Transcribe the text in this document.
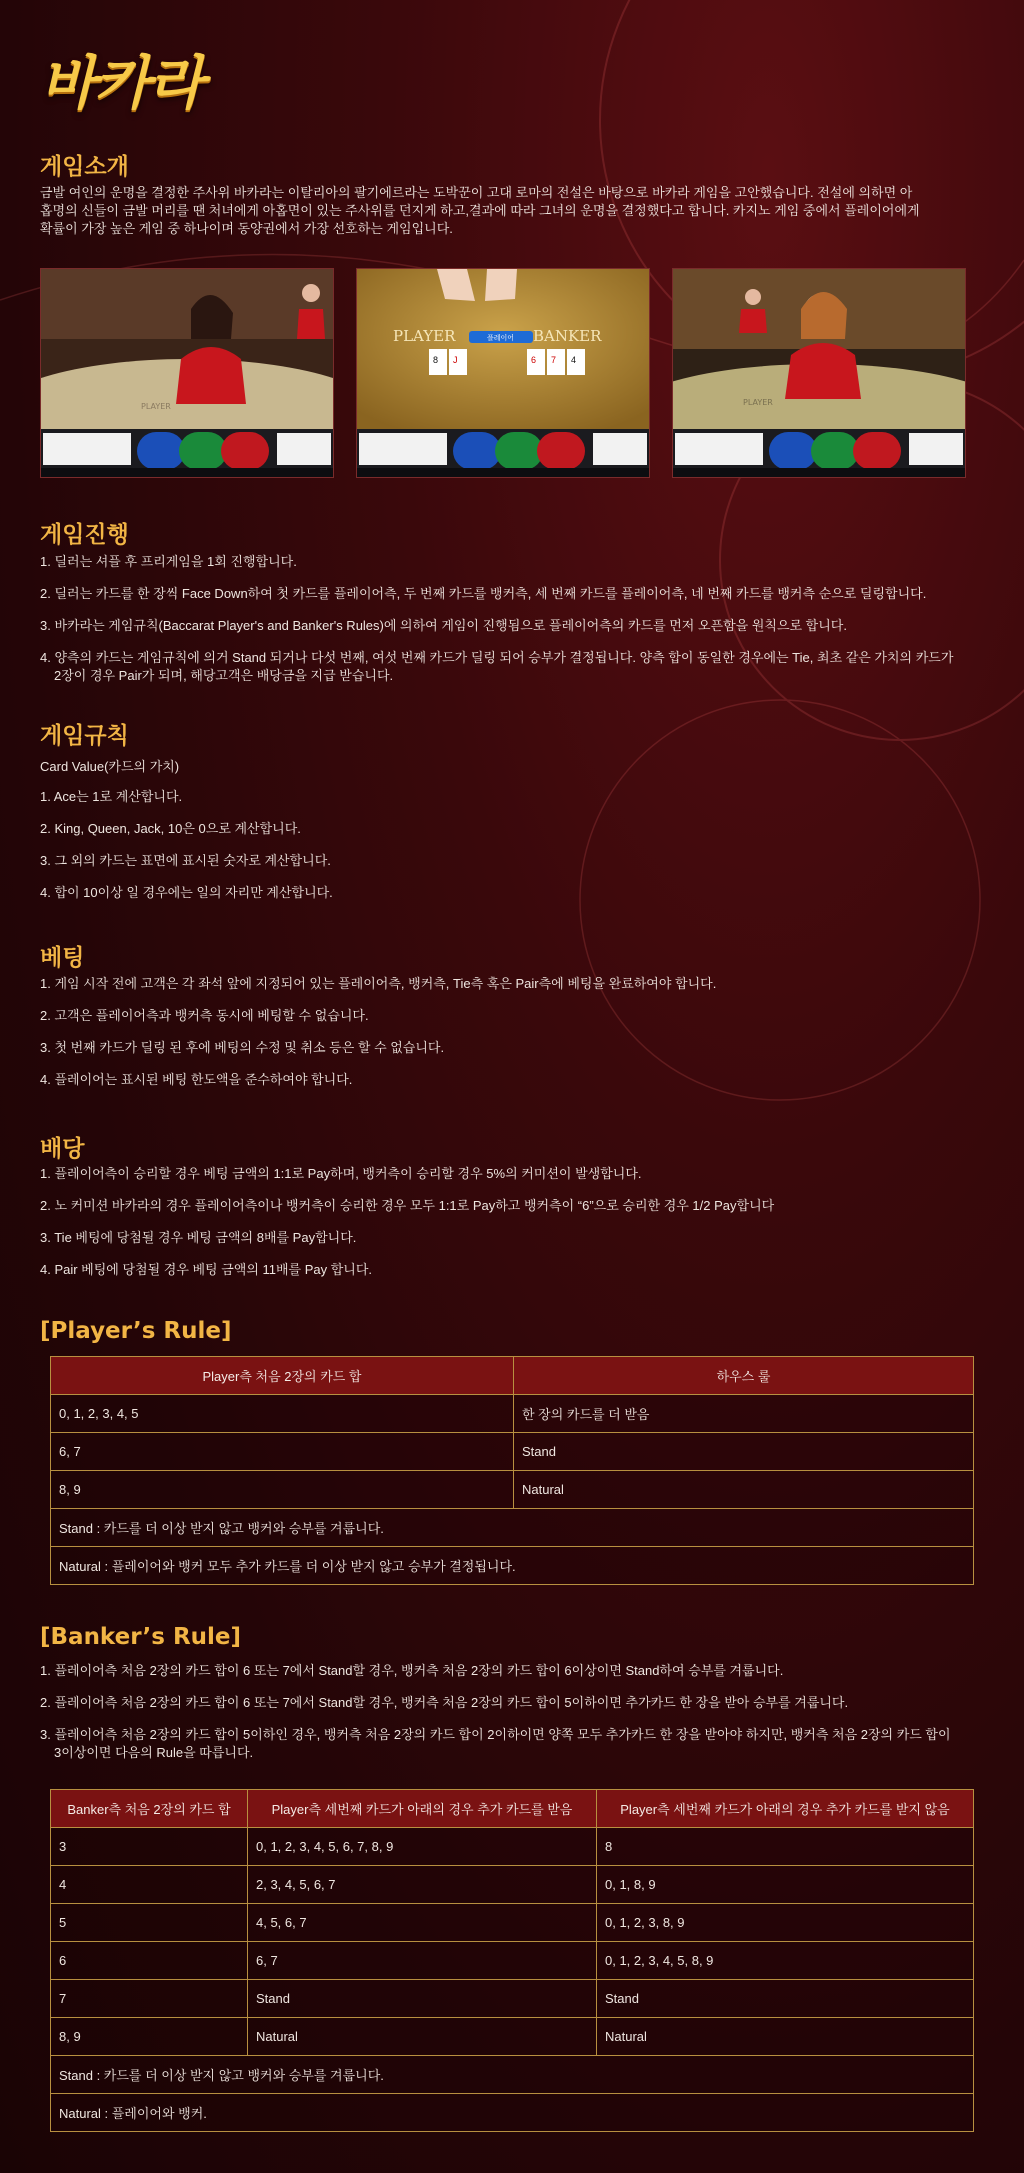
바카라
게임소개
금발 여인의 운명을 결정한 주사위 바카라는 이탈리아의 팔기에르라는 도박꾼이 고대 로마의 전설은 바탕으로 바카라 게임을 고안했습니다. 전설에 의하면 아홉명의 신들이 금발 머리를 땐 처녀에게 아홉면이 있는 주사위를 던지게 하고,결과에 따라 그녀의 운명을 결정했다고 합니다. 카지노 게임 중에서 플레이어에게 확률이 가장 높은 게임 중 하나이며 동양권에서 가장 선호하는 게임입니다.
PLAYER
PLAYER	BANKER
플레이어
8 J	6 7 4
PLAYER
게임진행
1. 딜러는 셔플 후 프리게임을 1회 진행합니다.
2. 딜러는 카드를 한 장씩 Face Down하여 첫 카드를 플레이어측, 두 번째 카드를 뱅커측, 세 번째 카드를 플레이어측, 네 번째 카드를 뱅커측 순으로 딜링합니다.
3. 바카라는 게임규칙(Baccarat Player's and Banker's Rules)에 의하여 게임이 진행됨으로 플레이어측의 카드를 먼저 오픈함을 원칙으로 합니다.
4. 양측의 카드는 게임규칙에 의거 Stand 되거나 다섯 번째, 여섯 번째 카드가 딜링 되어 승부가 결정됩니다. 양측 합이 동일한 경우에는 Tie, 최초 같은 가치의 카드가
2장이 경우 Pair가 되며, 해당고객은 배당금을 지급 받습니다.
게임규칙
Card Value(카드의 가치)
1. Ace는 1로 계산합니다.
2. King, Queen, Jack, 10은 0으로 계산합니다.
3. 그 외의 카드는 표면에 표시된 숫자로 계산합니다.
4. 합이 10이상 일 경우에는 일의 자리만 계산합니다.
베팅
1. 게임 시작 전에 고객은 각 좌석 앞에 지정되어 있는 플레이어측, 뱅커측, Tie측 혹은 Pair측에 베팅을 완료하여야 합니다.
2. 고객은 플레이어측과 뱅커측 동시에 베팅할 수 없습니다.
3. 첫 번째 카드가 딜링 된 후에 베팅의 수정 및 취소 등은 할 수 없습니다.
4. 플레이어는 표시된 베팅 한도액을 준수하여야 합니다.
배당
1. 플레이어측이 승리할 경우 베팅 금액의 1:1로 Pay하며, 뱅커측이 승리할 경우 5%의 커미션이 발생합니다.
2. 노 커미션 바카라의 경우 플레이어측이나 뱅커측이 승리한 경우 모두 1:1로 Pay하고 뱅커측이 “6”으로 승리한 경우 1/2 Pay합니다
3. Tie 베팅에 당첨될 경우 베팅 금액의 8배를 Pay합니다.
4. Pair 베팅에 당첨될 경우 베팅 금액의 11배를 Pay 합니다.
[Player’s Rule]
Player측 처음 2장의 카드 합	하우스 룰
0, 1, 2, 3, 4, 5	한 장의 카드를 더 받음
6, 7	Stand
8, 9	Natural
Stand : 카드를 더 이상 받지 않고 뱅커와 승부를 겨룹니다.	
Natural : 플레이어와 뱅커 모두 추가 카드를 더 이상 받지 않고 승부가 결정됩니다.	
[Banker’s Rule]
1. 플레이어측 처음 2장의 카드 합이 6 또는 7에서 Stand할 경우, 뱅커측 처음 2장의 카드 합이 6이상이면 Stand하여 승부를 겨룹니다.
2. 플레이어측 처음 2장의 카드 합이 6 또는 7에서 Stand할 경우, 뱅커측 처음 2장의 카드 합이 5이하이면 추가카드 한 장을 받아 승부를 겨룹니다.
3. 플레이어측 처음 2장의 카드 합이 5이하인 경우, 뱅커측 처음 2장의 카드 합이 2이하이면 양쪽 모두 추가카드 한 장을 받아야 하지만, 뱅커측 처음 2장의 카드 합이
3이상이면 다음의 Rule을 따릅니다.
Banker측 처음 2장의 카드 합	Player측 세번째 카드가 아래의 경우 추가 카드를 받음	Player측 세번째 카드가 아래의 경우 추가 카드를 받지 않음
3	0, 1, 2, 3, 4, 5, 6, 7, 8, 9	8
4	2, 3, 4, 5, 6, 7	0, 1, 8, 9
5	4, 5, 6, 7	0, 1, 2, 3, 8, 9
6	6, 7	0, 1, 2, 3, 4, 5, 8, 9
7	Stand	Stand
8, 9	Natural	Natural
Stand : 카드를 더 이상 받지 않고 뱅커와 승부를 겨룹니다.		
Natural : 플레이어와 뱅커.		
